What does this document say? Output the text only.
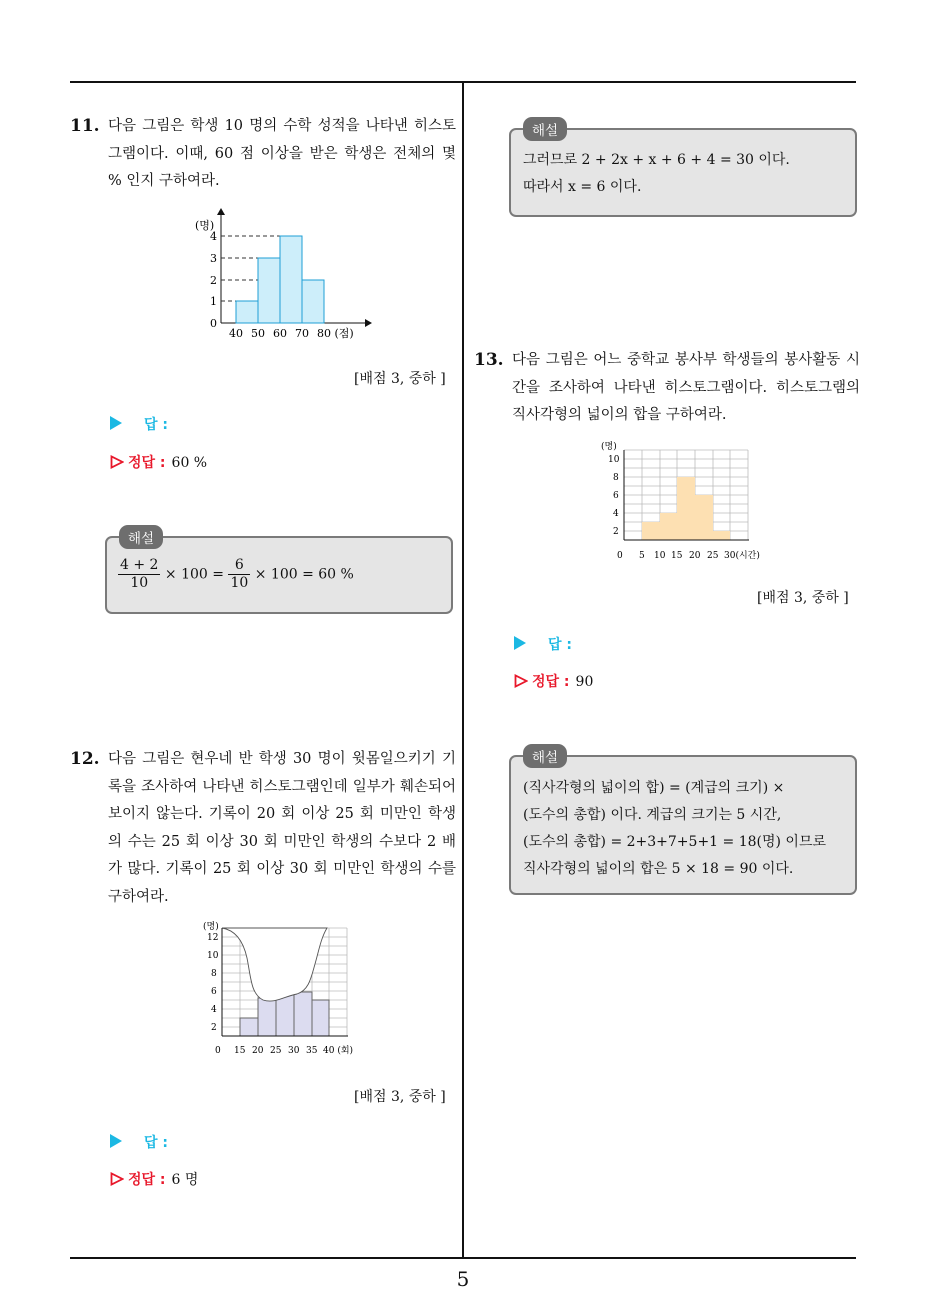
5
11. 다음 그림은 학생 10 명의 수학 성적을 나타낸 히스토그램이다. 이때, 60 점 이상을 받은 학생은 전체의 몇 % 인지 구하여라.
(명)
4
3
2
1
0
40 50 60 70 80 (점)
[배점 3, 중하 ]
답 :
정답 : 60 %
해설
$\frac{4 + 2}{10} \times 100 = \frac{6}{10} \times 100 = 60$ %
12. 다음 그림은 현우네 반 학생 30 명이 윗몸일으키기 기록을 조사하여 나타낸 히스토그램인데 일부가 훼손되어 보이지 않는다. 기록이 20 회 이상 25 회 미만인 학생의 수는 25 회 이상 30 회 미만인 학생의 수보다 2 배가 많다. 기록이 25 회 이상 30 회 미만인 학생의 수를 구하여라.
(명)
12
10
8
6
4
2
0 15 20 25 30 35 40 (회)
[배점 3, 중하 ]
답 :
정답 : 6 명
해설
그러므로 2 + 2x + x + 6 + 4 = 30 이다.
따라서 x = 6 이다.
13. 다음 그림은 어느 중학교 봉사부 학생들의 봉사활동 시간을 조사하여 나타낸 히스토그램이다. 히스토그램의 직사각형의 넓이의 합을 구하여라.
(명)
10
8
6
4
2
0 5 10 15 20 25 30(시간)
[배점 3, 중하 ]
답 :
정답 : 90
해설
(직사각형의 넓이의 합) = (계급의 크기) ×
(도수의 총합) 이다. 계급의 크기는 5 시간,
(도수의 총합) = 2+3+7+5+1 = 18(명) 이므로
직사각형의 넓이의 합은 5 × 18 = 90 이다.
